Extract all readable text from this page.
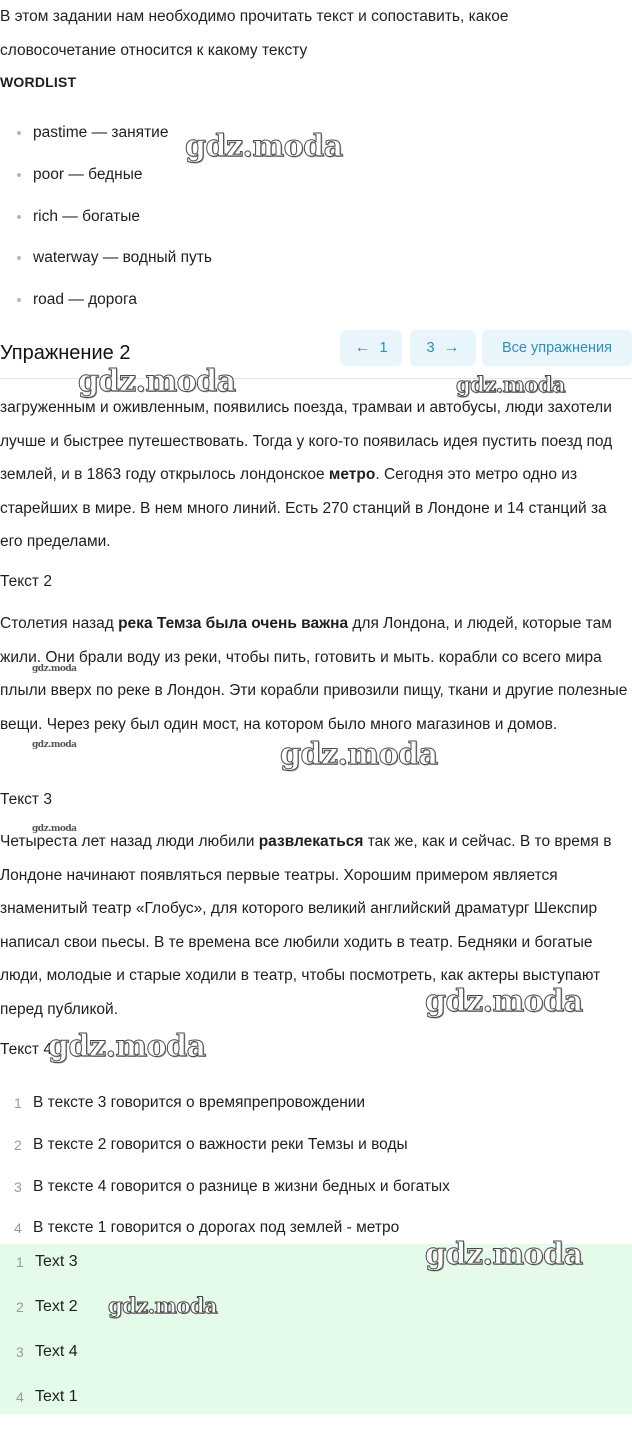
В этом задании нам необходимо прочитать текст и сопоставить, какое словосочетание относится к какому тексту

WORDLIST
pastime — занятие
poor — бедные
rich — богатые
waterway — водный путь
road — дорога
Упражнение 2	← 1	3 →	Все упражнения

загруженным и оживленным, появились поезда, трамваи и автобусы, люди захотели лучше и быстрее путешествовать. Тогда у кого-то появилась идея пустить поезд под землей, и в 1863 году открылось лондонское метро. Сегодня это метро одно из старейших в мире. В нем много линий. Есть 270 станций в Лондоне и 14 станций за его пределами.

Текст 2

Столетия назад река Темза была очень важна для Лондона, и людей, которые там жили. Они брали воду из реки, чтобы пить, готовить и мыть. корабли со всего мира плыли вверх по реке в Лондон. Эти корабли привозили пищу, ткани и другие полезные вещи. Через реку был один мост, на котором было много магазинов и домов.

Текст 3

Четыреста лет назад люди любили развлекаться так же, как и сейчас. В то время в Лондоне начинают появляться первые театры. Хорошим примером является знаменитый театр «Глобус», для которого великий английский драматург Шекспир написал свои пьесы. В те времена все любили ходить в театр. Бедняки и богатые люди, молодые и старые ходили в театр, чтобы посмотреть, как актеры выступают перед публикой.

Текст 4

1 В тексте 3 говорится о времяпрепровождении
2 В тексте 2 говорится о важности реки Темзы и воды
3 В тексте 4 говорится о разнице в жизни бедных и богатых
4 В тексте 1 говорится о дорогах под землей - метро
1 Text 3
2 Text 2
3 Text 4
4 Text 1
gdz.moda
gdz.moda	gdz.moda
gdz.moda
gdz.moda	gdz.moda
gdz.moda
gdz.moda
gdz.moda
gdz.moda
gdz.moda
